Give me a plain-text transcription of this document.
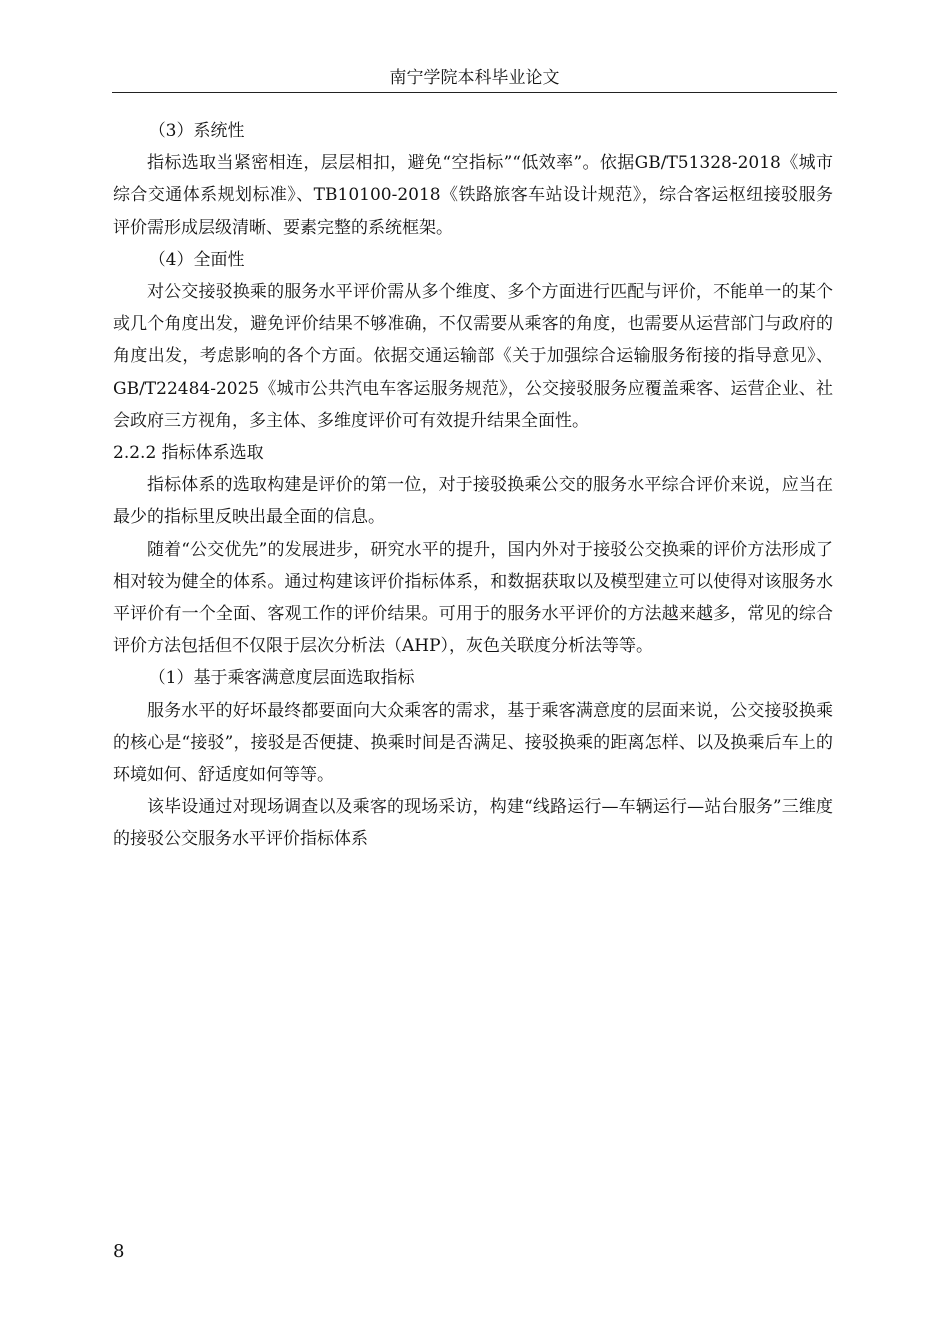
南宁学院本科毕业论文

（3）系统性

指标选取当紧密相连，层层相扣，避免“空指标”“低效率”。依据GB/T51328-2018《城市综合交通体系规划标准》、TB10100-2018《铁路旅客车站设计规范》，综合客运枢纽接驳服务评价需形成层级清晰、要素完整的系统框架。

（4）全面性

对公交接驳换乘的服务水平评价需从多个维度、多个方面进行匹配与评价，不能单一的某个或几个角度出发，避免评价结果不够准确，不仅需要从乘客的角度，也需要从运营部门与政府的角度出发，考虑影响的各个方面。依据交通运输部《关于加强综合运输服务衔接的指导意见》、GB/T22484-2025《城市公共汽电车客运服务规范》，公交接驳服务应覆盖乘客、运营企业、社会政府三方视角，多主体、多维度评价可有效提升结果全面性。

2.2.2 指标体系选取

指标体系的选取构建是评价的第一位，对于接驳换乘公交的服务水平综合评价来说，应当在最少的指标里反映出最全面的信息。

随着“公交优先”的发展进步，研究水平的提升，国内外对于接驳公交换乘的评价方法形成了相对较为健全的体系。通过构建该评价指标体系，和数据获取以及模型建立可以使得对该服务水平评价有一个全面、客观工作的评价结果。可用于的服务水平评价的方法越来越多，常见的综合评价方法包括但不仅限于层次分析法（AHP），灰色关联度分析法等等。

（1）基于乘客满意度层面选取指标

服务水平的好坏最终都要面向大众乘客的需求，基于乘客满意度的层面来说，公交接驳换乘的核心是“接驳”，接驳是否便捷、换乘时间是否满足、接驳换乘的距离怎样、以及换乘后车上的环境如何、舒适度如何等等。

该毕设通过对现场调查以及乘客的现场采访，构建“线路运行—车辆运行—站台服务”三维度的接驳公交服务水平评价指标体系

8
